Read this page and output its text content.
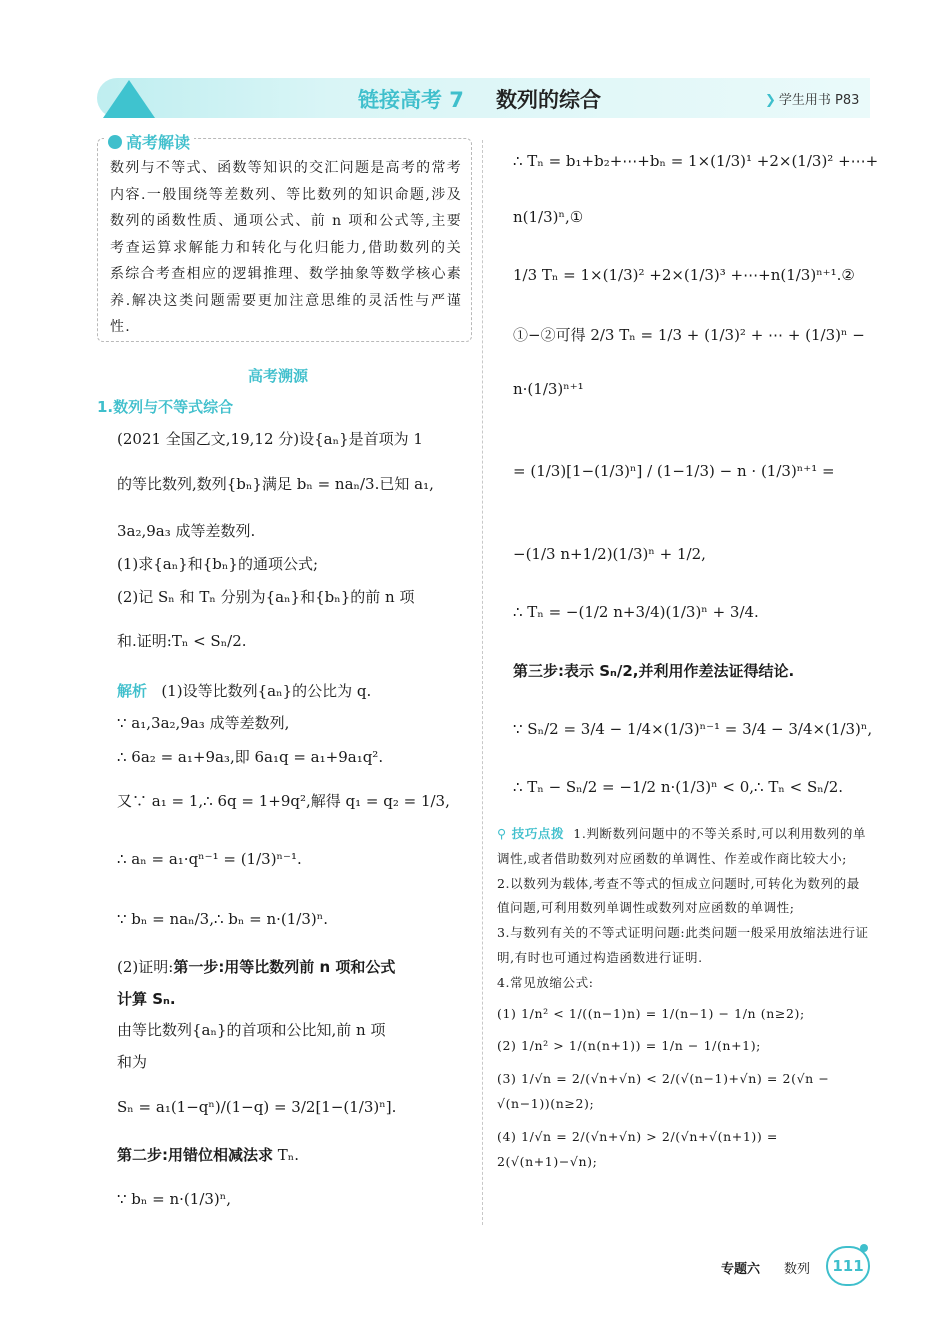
链接高考 7 数列的综合	❯ 学生用书 P83
高考解读
数列与不等式、函数等知识的交汇问题是高考的常考内容.一般围绕等差数列、等比数列的知识命题,涉及数列的函数性质、通项公式、前 n 项和公式等,主要考查运算求解能力和转化与化归能力,借助数列的关系综合考查相应的逻辑推理、数学抽象等数学核心素养.解决这类问题需要更加注意思维的灵活性与严谨性.
高考溯源
1.数列与不等式综合
(2021 全国乙文,19,12 分)设{aₙ}是首项为 1
的等比数列,数列{bₙ}满足 bₙ = naₙ/3.已知 a₁,
3a₂,9a₃ 成等差数列.
(1)求{aₙ}和{bₙ}的通项公式;
(2)记 Sₙ 和 Tₙ 分别为{aₙ}和{bₙ}的前 n 项
和.证明:Tₙ < Sₙ/2.
解析 (1)设等比数列{aₙ}的公比为 q.
∵ a₁,3a₂,9a₃ 成等差数列,
∴ 6a₂ = a₁+9a₃,即 6a₁q = a₁+9a₁q².
又∵ a₁ = 1,∴ 6q = 1+9q²,解得 q₁ = q₂ = 1/3,
∴ aₙ = a₁·qⁿ⁻¹ = (1/3)ⁿ⁻¹.
∵ bₙ = naₙ/3,∴ bₙ = n·(1/3)ⁿ.
(2)证明:第一步:用等比数列前 n 项和公式
计算 Sₙ.
由等比数列{aₙ}的首项和公比知,前 n 项
和为
Sₙ = a₁(1−qⁿ)/(1−q) = 3/2[1−(1/3)ⁿ].
第二步:用错位相减法求 Tₙ.
∵ bₙ = n·(1/3)ⁿ,
∴ Tₙ = b₁+b₂+⋯+bₙ = 1×(1/3)¹ +2×(1/3)² +⋯+
n(1/3)ⁿ,①
1/3 Tₙ = 1×(1/3)² +2×(1/3)³ +⋯+n(1/3)ⁿ⁺¹.②
①−②可得 2/3 Tₙ = 1/3 + (1/3)² + ⋯ + (1/3)ⁿ −
n·(1/3)ⁿ⁺¹
= (1/3)[1−(1/3)ⁿ] / (1−1/3) − n · (1/3)ⁿ⁺¹ =
−(1/3 n+1/2)(1/3)ⁿ + 1/2,
∴ Tₙ = −(1/2 n+3/4)(1/3)ⁿ + 3/4.
第三步:表示 Sₙ/2,并利用作差法证得结论.
∵ Sₙ/2 = 3/4 − 1/4×(1/3)ⁿ⁻¹ = 3/4 − 3/4×(1/3)ⁿ,
∴ Tₙ − Sₙ/2 = −1/2 n·(1/3)ⁿ < 0,∴ Tₙ < Sₙ/2.

⚲ 技巧点拨 1.判断数列问题中的不等关系时,可以利用数列的单调性,或者借助数列对应函数的单调性、作差或作商比较大小;

2.以数列为载体,考查不等式的恒成立问题时,可转化为数列的最值问题,可利用数列单调性或数列对应函数的单调性;

3.与数列有关的不等式证明问题:此类问题一般采用放缩法进行证明,有时也可通过构造函数进行证明.

4.常见放缩公式:

(1) 1/n² < 1/((n−1)n) = 1/(n−1) − 1/n (n≥2);

(2) 1/n² > 1/(n(n+1)) = 1/n − 1/(n+1);

(3) 1/√n = 2/(√n+√n) < 2/(√(n−1)+√n) = 2(√n − √(n−1))(n≥2);

(4) 1/√n = 2/(√n+√n) > 2/(√n+√(n+1)) = 2(√(n+1)−√n);

专题六 数列	111
